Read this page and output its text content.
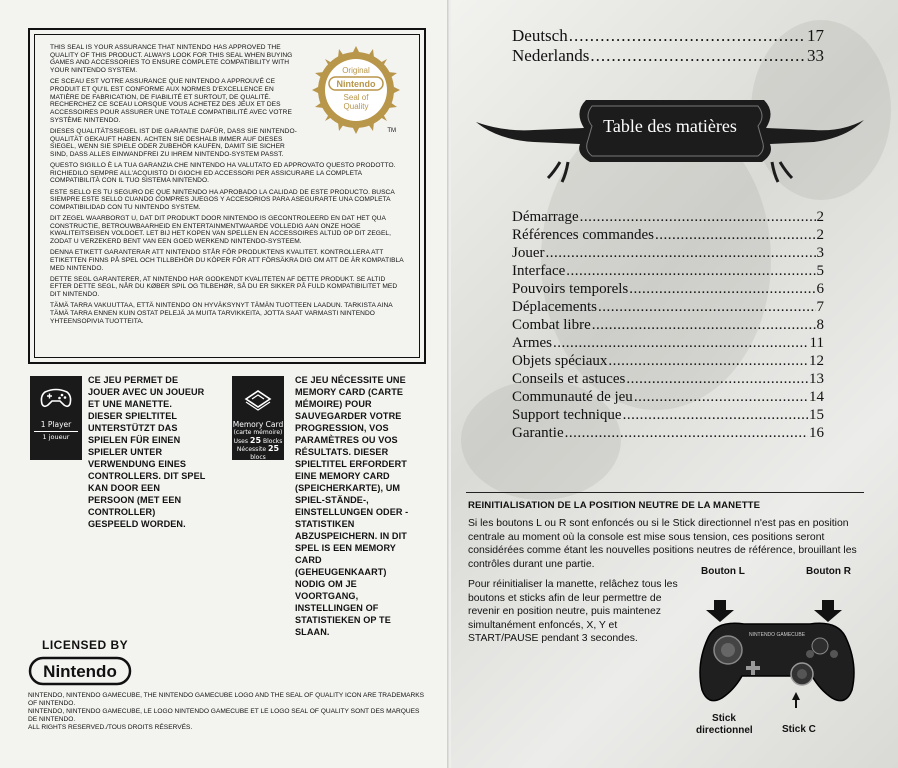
THIS SEAL IS YOUR ASSURANCE THAT NINTENDO HAS APPROVED THE QUALITY OF THIS PRODUCT. ALWAYS LOOK FOR THIS SEAL WHEN BUYING GAMES AND ACCESSORIES TO ENSURE COMPLETE COMPATIBILITY WITH YOUR NINTENDO SYSTEM.

CE SCEAU EST VOTRE ASSURANCE QUE NINTENDO A APPROUVÉ CE PRODUIT ET QU'IL EST CONFORME AUX NORMES D'EXCELLENCE EN MATIÈRE DE FABRICATION, DE FIABILITÉ ET SURTOUT, DE QUALITÉ. RECHERCHEZ CE SCEAU LORSQUE VOUS ACHETEZ DES JEUX ET DES ACCESSOIRES POUR ASSURER UNE TOTALE COMPATIBILITÉ AVEC VOTRE SYSTÈME NINTENDO.

DIESES QUALITÄTSSIEGEL IST DIE GARANTIE DAFÜR, DASS SIE NINTENDO-QUALITÄT GEKAUFT HABEN. ACHTEN SIE DESHALB IMMER AUF DIESES SIEGEL, WENN SIE SPIELE ODER ZUBEHÖR KAUFEN, DAMIT SIE SICHER SIND, DASS ALLES EINWANDFREI ZU IHREM NINTENDO-SYSTEM PASST.

QUESTO SIGILLO È LA TUA GARANZIA CHE NINTENDO HA VALUTATO ED APPROVATO QUESTO PRODOTTO. RICHIEDILO SEMPRE ALL'ACQUISTO DI GIOCHI ED ACCESSORI PER ASSICURARE LA COMPLETA COMPATIBILITÀ CON IL TUO SISTEMA NINTENDO.

ESTE SELLO ES TU SEGURO DE QUE NINTENDO HA APROBADO LA CALIDAD DE ESTE PRODUCTO. BUSCA SIEMPRE ESTE SELLO CUANDO COMPRES JUEGOS Y ACCESORIOS PARA ASEGURARTE UNA COMPLETA COMPATIBILIDAD CON TU NINTENDO SYSTEM.

DIT ZEGEL WAARBORGT U, DAT DIT PRODUKT DOOR NINTENDO IS GECONTROLEERD EN DAT HET QUA CONSTRUCTIE, BETROUWBAARHEID EN ENTERTAINMENTWAARDE VOLLEDIG AAN ONZE HOGE KWALITEITSEISEN VOLDOET. LET BIJ HET KOPEN VAN SPELLEN EN ACCESSOIRES ALTIJD OP DIT ZEGEL, ZODAT U VERZEKERD BENT VAN EEN GOED WERKEND NINTENDO-SYSTEEM.

DENNA ETIKETT GARANTERAR ATT NINTENDO STÅR FÖR PRODUKTENS KVALITET. KONTROLLERA ATT ETIKETTEN FINNS PÅ SPEL OCH TILLBEHÖR DU KÖPER FÖR ATT FÖRSÄKRA DIG OM ATT DE ÄR KOMPATIBLA MED NINTENDO.

DETTE SEGL GARANTERER, AT NINTENDO HAR GODKENDT KVALITETEN AF DETTE PRODUKT. SE ALTID EFTER DETTE SEGL, NÅR DU KØBER SPIL OG TILBEHØR, SÅ DU ER SIKKER PÅ FULD KOMPATIBILITET MED DIT NINTENDO.

TÄMÄ TARRA VAKUUTTAA, ETTÄ NINTENDO ON HYVÄKSYNYT TÄMÄN TUOTTEEN LAADUN. TARKISTA AINA TÄMÄ TARRA ENNEN KUIN OSTAT PELEJÄ JA MUITA TARVIKKEITA, JOTTA SAAT VARMASTI NINTENDO YHTEENSOPIVIA TUOTTEITA.

Original
Nintendo
Seal of
Quality
TM
1 Player
1 joueur
CE JEU PERMET DE JOUER AVEC UN JOUEUR ET UNE MANETTE. DIESER SPIELTITEL UNTERSTÜTZT DAS SPIELEN FÜR EINEN SPIELER UNTER VERWENDUNG EINES CONTROLLERS. DIT SPEL KAN DOOR EEN PERSOON (MET EEN CONTROLLER) GESPEELD WORDEN.
Memory Card
(carte mémoire)
Uses 25 Blocks
Nécessite 25 blocs
CE JEU NÉCESSITE UNE MEMORY CARD (CARTE MÉMOIRE) POUR SAUVEGARDER VOTRE PROGRESSION, VOS PARAMÈTRES OU VOS RÉSULTATS. DIESER SPIELTITEL ERFORDERT EINE MEMORY CARD (SPEICHERKARTE), UM SPIEL-STÄNDE-, EINSTELLUNGEN ODER -STATISTIKEN ABZUSPEICHERN. IN DIT SPEL IS EEN MEMORY CARD (GEHEUGENKAART) NODIG OM JE VOORTGANG, INSTELLINGEN OF STATISTIEKEN OP TE SLAAN.
LICENSED BY
Nintendo
NINTENDO, NINTENDO GAMECUBE, THE NINTENDO GAMECUBE LOGO AND THE SEAL OF QUALITY ICON ARE TRADEMARKS OF NINTENDO.
NINTENDO, NINTENDO GAMECUBE, LE LOGO NINTENDO GAMECUBE ET LE LOGO SEAL OF QUALITY SONT DES MARQUES DE NINTENDO.
ALL RIGHTS RESERVED./TOUS DROITS RÉSERVÉS.
Deutsch .....	17
Nederlands .....	33
Table des matières
Démarrage .....	2
Références commandes .....	2
Jouer .....	3
Interface .....	5
Pouvoirs temporels .....	6
Déplacements .....	7
Combat libre .....	8
Armes .....	11
Objets spéciaux .....	12
Conseils et astuces .....	13
Communauté de jeu .....	14
Support technique .....	15
Garantie .....	16
REINITIALISATION DE LA POSITION NEUTRE DE LA MANETTE
Si les boutons L ou R sont enfoncés ou si le Stick directionnel n'est pas en position centrale au moment où la console est mise sous tension, ces positions seront considérées comme étant les nouvelles positions neutres de référence, brouillant les contrôles durant une partie.
Pour réinitialiser la manette, relâchez tous les boutons et sticks afin de leur permettre de revenir en position neutre, puis maintenez simultanément enfoncés, X, Y et START/PAUSE pendant 3 secondes.
Bouton L	Bouton R
Stick
directionnel	Stick C
NINTENDO GAMECUBE
